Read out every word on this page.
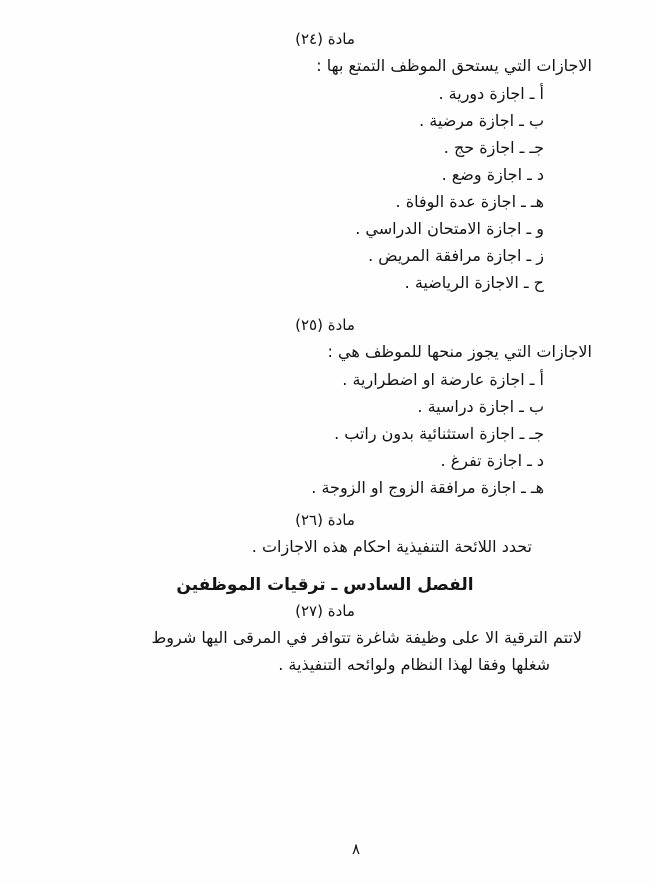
مادة (٢٤)
الاجازات التي يستحق الموظف التمتع بها :
أ ـ اجازة دورية .
ب ـ اجازة مرضية .
جـ ـ اجازة حج .
د ـ اجازة وضع .
هـ ـ اجازة عدة الوفاة .
و ـ اجازة الامتحان الدراسي .
ز ـ اجازة مرافقة المريض .
ح ـ الاجازة الرياضية .
مادة (٢٥)
الاجازات التي يجوز منحها للموظف هي :
أ ـ اجازة عارضة او اضطرارية .
ب ـ اجازة دراسية .
جـ ـ اجازة استثنائية بدون راتب .
د ـ اجازة تفرغ .
هـ ـ اجازة مرافقة الزوج او الزوجة .
مادة (٢٦)
تحدد اللائحة التنفيذية احكام هذه الاجازات .
الفصل السادس ـ ترقيات الموظفين
مادة (٢٧)
لاتتم الترقية الا على وظيفة شاغرة تتوافر في المرقى اليها شروط
شغلها وفقا لهذا النظام ولوائحه التنفيذية .
٨
